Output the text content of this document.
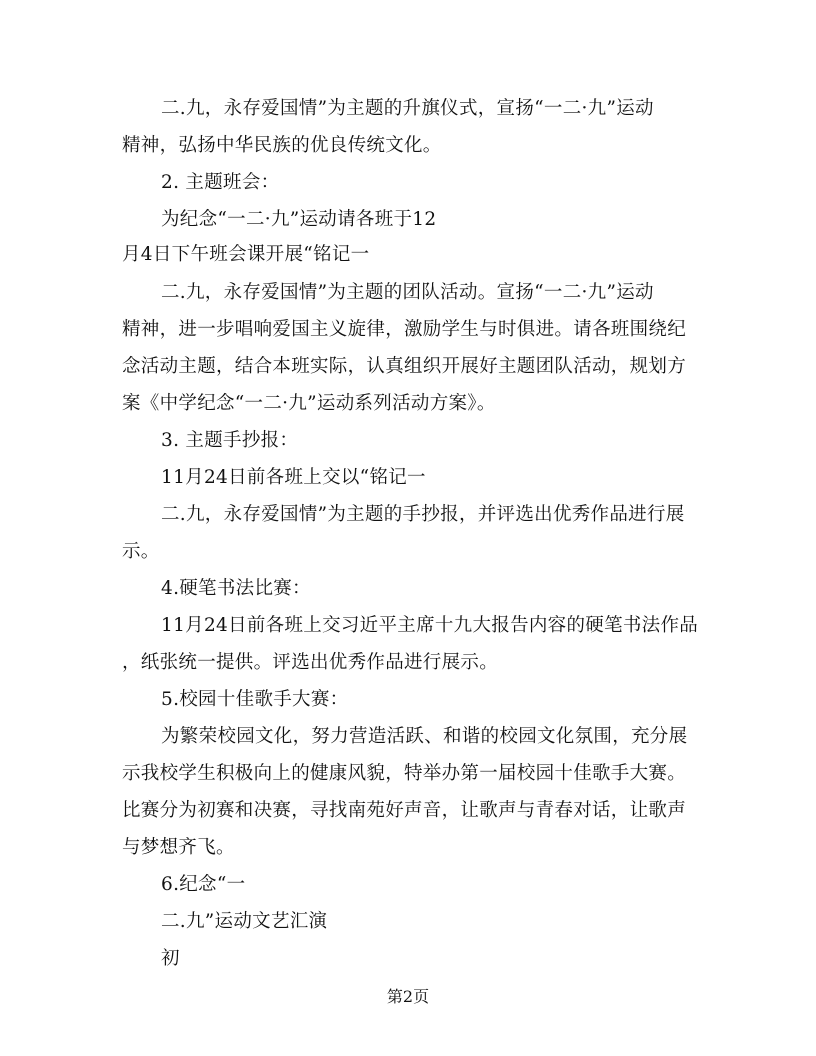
二.九，永存爱国情”为主题的升旗仪式，宣扬“一二·九”运动
精神，弘扬中华民族的优良传统文化。
2. 主题班会：
为纪念“一二·九”运动请各班于12
月4日下午班会课开展“铭记一
二.九，永存爱国情”为主题的团队活动。宣扬“一二·九”运动
精神，进一步唱响爱国主义旋律，激励学生与时俱进。请各班围绕纪
念活动主题，结合本班实际，认真组织开展好主题团队活动，规划方
案《中学纪念“一二·九”运动系列活动方案》。
3. 主题手抄报：
11月24日前各班上交以“铭记一
二.九，永存爱国情”为主题的手抄报，并评选出优秀作品进行展
示。
4.硬笔书法比赛：
11月24日前各班上交习近平主席十九大报告内容的硬笔书法作品
，纸张统一提供。评选出优秀作品进行展示。
5.校园十佳歌手大赛：
为繁荣校园文化，努力营造活跃、和谐的校园文化氛围，充分展
示我校学生积极向上的健康风貌，特举办第一届校园十佳歌手大赛。
比赛分为初赛和决赛，寻找南苑好声音，让歌声与青春对话，让歌声
与梦想齐飞。
6.纪念“一
二.九”运动文艺汇演
初
第2页
